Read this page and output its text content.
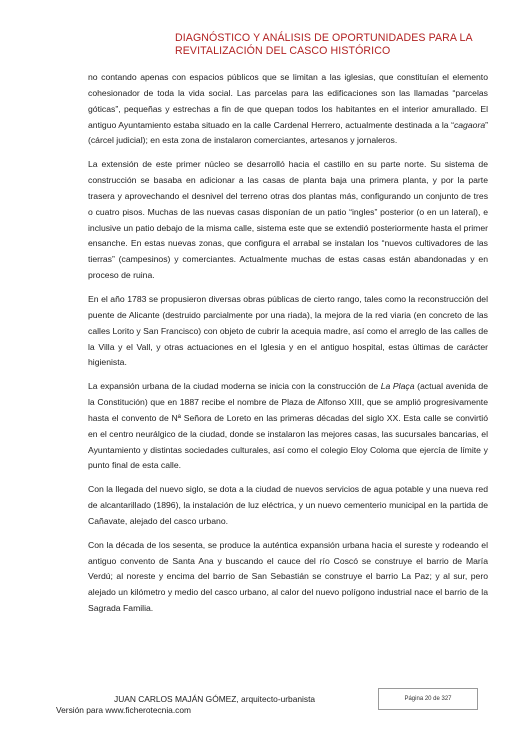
DIAGNÓSTICO Y ANÁLISIS DE OPORTUNIDADES PARA LA
REVITALIZACIÓN DEL CASCO HISTÓRICO

no contando apenas con espacios públicos que se limitan a las iglesias, que constituían el elemento cohesionador de toda la vida social. Las parcelas para las edificaciones son las llamadas “parcelas góticas”, pequeñas y estrechas a fin de que quepan todos los habitantes en el interior amurallado. El antiguo Ayuntamiento estaba situado en la calle Cardenal Herrero, actualmente destinada a la “cagaora” (cárcel judicial); en esta zona de instalaron comerciantes, artesanos y jornaleros.

La extensión de este primer núcleo se desarrolló hacia el castillo en su parte norte. Su sistema de construcción se basaba en adicionar a las casas de planta baja una primera planta, y por la parte trasera y aprovechando el desnivel del terreno otras dos plantas más, configurando un conjunto de tres o cuatro pisos. Muchas de las nuevas casas disponían de un patio “ingles” posterior (o en un lateral), e inclusive un patio debajo de la misma calle, sistema este que se extendió posteriormente hasta el primer ensanche. En estas nuevas zonas, que configura el arrabal se instalan los “nuevos cultivadores de las tierras” (campesinos) y comerciantes. Actualmente muchas de estas casas están abandonadas y en proceso de ruina.

En el año 1783 se propusieron diversas obras públicas de cierto rango, tales como la reconstrucción del puente de Alicante (destruido parcialmente por una riada), la mejora de la red viaria (en concreto de las calles Lorito y San Francisco) con objeto de cubrir la acequia madre, así como el arreglo de las calles de la Villa y el Vall, y otras actuaciones en el Iglesia y en el antiguo hospital, estas últimas de carácter higienista.

La expansión urbana de la ciudad moderna se inicia con la construcción de La Plaça (actual avenida de la Constitución) que en 1887 recibe el nombre de Plaza de Alfonso XIII, que se amplió progresivamente hasta el convento de Nª Señora de Loreto en las primeras décadas del siglo XX. Esta calle se convirtió en el centro neurálgico de la ciudad, donde se instalaron las mejores casas, las sucursales bancarias, el Ayuntamiento y distintas sociedades culturales, así como el colegio Eloy Coloma que ejercía de límite y punto final de esta calle.

Con la llegada del nuevo siglo, se dota a la ciudad de nuevos servicios de agua potable y una nueva red de alcantarillado (1896), la instalación de luz eléctrica, y un nuevo cementerio municipal en la partida de Cañavate, alejado del casco urbano.

Con la década de los sesenta, se produce la auténtica expansión urbana hacia el sureste y rodeando el antiguo convento de Santa Ana y buscando el cauce del río Coscó se construye el barrio de María Verdú; al noreste y encima del barrio de San Sebastián se construye el barrio La Paz; y al sur, pero alejado un kilómetro y medio del casco urbano, al calor del nuevo polígono industrial nace el barrio de la Sagrada Familia.

JUAN CARLOS MAJÁN GÓMEZ, arquitecto-urbanista
Versión para www.ficherotecnia.com
Página 20 de 327
